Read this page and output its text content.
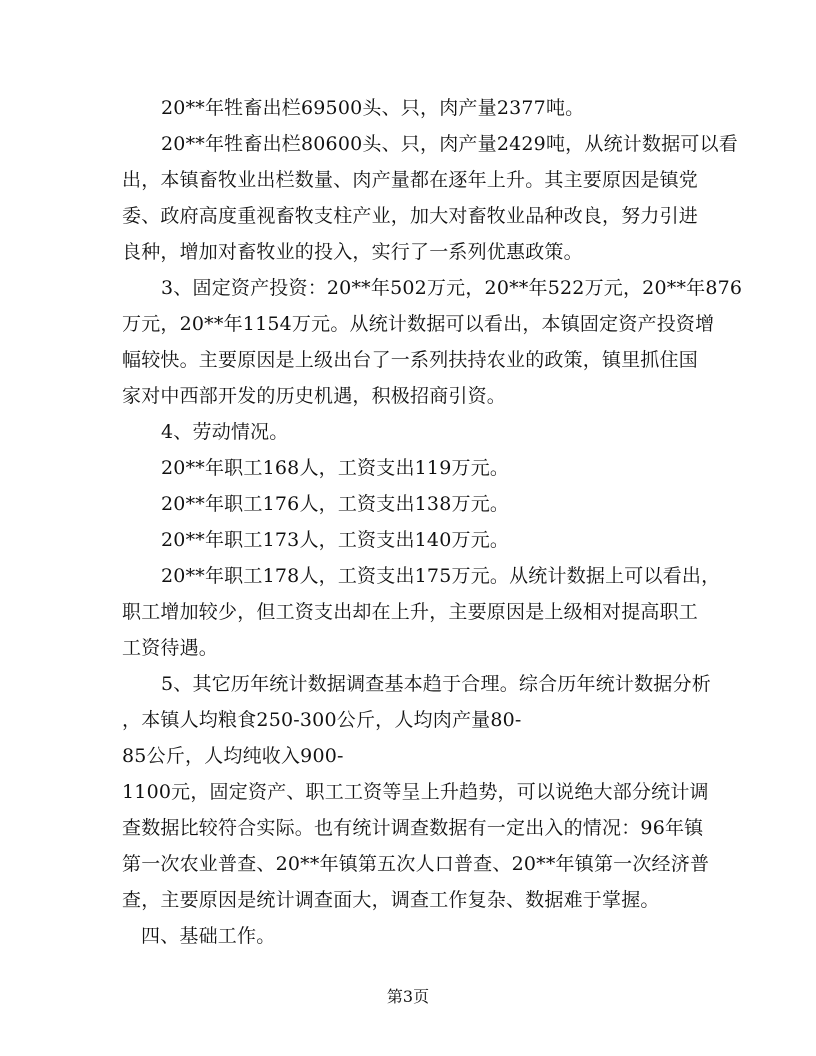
20**年牲畜出栏69500头、只，肉产量2377吨。
20**年牲畜出栏80600头、只，肉产量2429吨，从统计数据可以看
出，本镇畜牧业出栏数量、肉产量都在逐年上升。其主要原因是镇党
委、政府高度重视畜牧支柱产业，加大对畜牧业品种改良，努力引进
良种，增加对畜牧业的投入，实行了一系列优惠政策。
3、固定资产投资：20**年502万元，20**年522万元，20**年876
万元，20**年1154万元。从统计数据可以看出，本镇固定资产投资增
幅较快。主要原因是上级出台了一系列扶持农业的政策，镇里抓住国
家对中西部开发的历史机遇，积极招商引资。
4、劳动情况。
20**年职工168人，工资支出119万元。
20**年职工176人，工资支出138万元。
20**年职工173人，工资支出140万元。
20**年职工178人，工资支出175万元。从统计数据上可以看出，
职工增加较少，但工资支出却在上升，主要原因是上级相对提高职工
工资待遇。
5、其它历年统计数据调查基本趋于合理。综合历年统计数据分析
，本镇人均粮食250-300公斤，人均肉产量80-
85公斤，人均纯收入900-
1100元，固定资产、职工工资等呈上升趋势，可以说绝大部分统计调
查数据比较符合实际。也有统计调查数据有一定出入的情况：96年镇
第一次农业普查、20**年镇第五次人口普查、20**年镇第一次经济普
查，主要原因是统计调查面大，调查工作复杂、数据难于掌握。
四、基础工作。
第3页
